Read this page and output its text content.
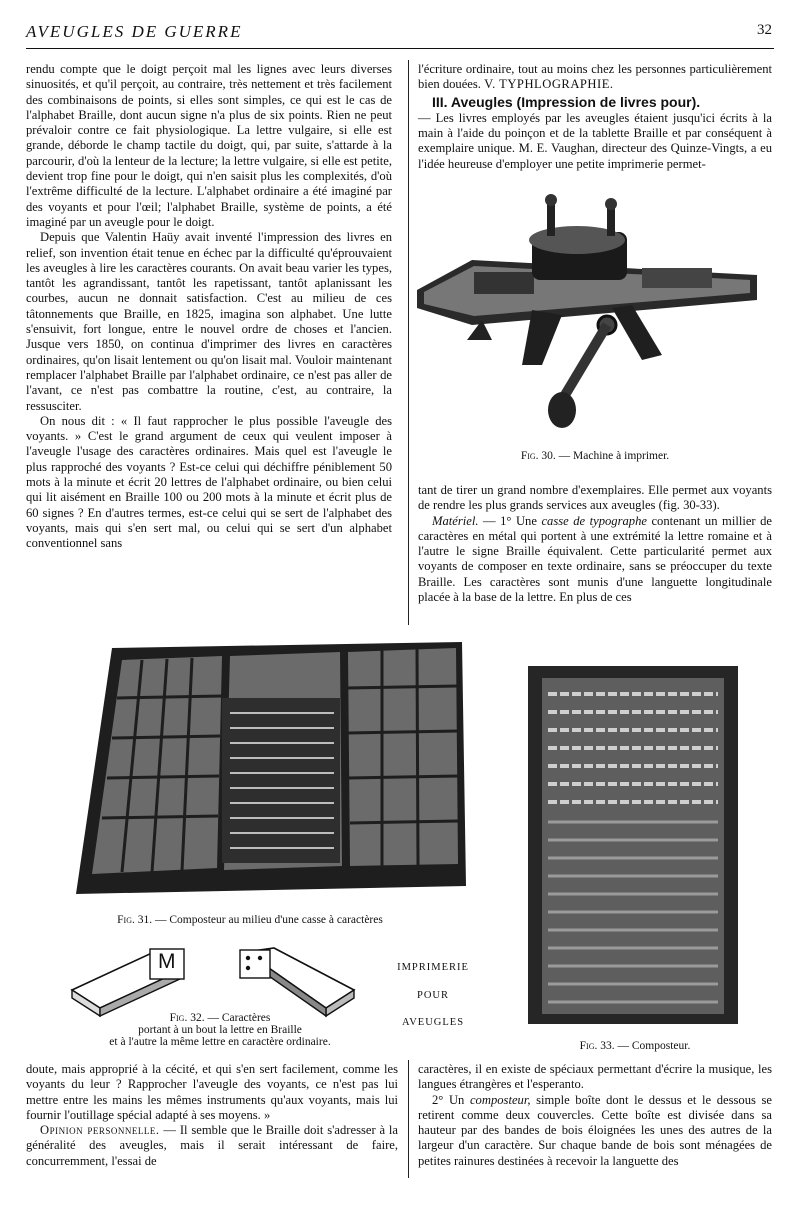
AVEUGLES DE GUERRE	32

rendu compte que le doigt perçoit mal les lignes avec leurs diverses sinuosités, et qu'il perçoit, au contraire, très nettement et très facilement des combinaisons de points, si elles sont simples, ce qui est le cas de l'alphabet Braille, dont aucun signe n'a plus de six points. Rien ne peut prévaloir contre ce fait physiologique. La lettre vulgaire, si elle est grande, déborde le champ tactile du doigt, qui, par suite, s'attarde à la parcourir, d'où la lenteur de la lecture; la lettre vulgaire, si elle est petite, devient trop fine pour le doigt, qui n'en saisit plus les complexités, d'où l'extrême difficulté de la lecture. L'alphabet ordinaire a été imaginé par des voyants et pour l'œil; l'alphabet Braille, système de points, a été imaginé par un aveugle pour le doigt.

Depuis que Valentin Haüy avait inventé l'impression des livres en relief, son invention était tenue en échec par la difficulté qu'éprouvaient les aveugles à lire les caractères courants. On avait beau varier les types, tantôt les agrandissant, tantôt les rapetissant, tantôt aplanissant les courbes, aucun ne donnait satisfaction. C'est au milieu de ces tâtonnements que Braille, en 1825, imagina son alphabet. Une lutte s'ensuivit, fort longue, entre le nouvel ordre de choses et l'ancien. Jusque vers 1850, on continua d'imprimer des livres en caractères ordinaires, qu'on lisait lentement ou qu'on lisait mal. Vouloir maintenant remplacer l'alphabet Braille par l'alphabet ordinaire, ce n'est pas aller de l'avant, ce n'est pas combattre la routine, c'est, au contraire, la ressusciter.

On nous dit : « Il faut rapprocher le plus possible l'aveugle des voyants. » C'est le grand argument de ceux qui veulent imposer à l'aveugle l'usage des caractères ordinaires. Mais quel est l'aveugle le plus rapproché des voyants ? Est-ce celui qui déchiffre péniblement 50 mots à la minute et écrit 20 lettres de l'alphabet ordinaire, ou bien celui qui lit aisément en Braille 100 ou 200 mots à la minute et écrit plus de 60 signes ? En d'autres termes, est-ce celui qui se sert de l'alphabet des voyants, mais qui s'en sert mal, ou celui qui se sert d'un alphabet conventionnel sans

l'écriture ordinaire, tout au moins chez les personnes particulièrement bien douées. V. TYPHLOGRAPHIE.

III. Aveugles (Impression de livres pour).

— Les livres employés par les aveugles étaient jusqu'ici écrits à la main à l'aide du poinçon et de la tablette Braille et par conséquent à exemplaire unique. M. E. Vaughan, directeur des Quinze-Vingts, a eu l'idée heureuse d'employer une petite imprimerie permet-

Fig. 30. — Machine à imprimer.

tant de tirer un grand nombre d'exemplaires. Elle permet aux voyants de rendre les plus grands services aux aveugles (fig. 30-33).

Matériel. — 1° Une casse de typographe contenant un millier de caractères en métal qui portent à une extrémité la lettre romaine et à l'autre le signe Braille équivalent. Cette particularité permet aux voyants de composer en texte ordinaire, sans se préoccuper du texte Braille. Les caractères sont munis d'une languette longitudinale placée à la base de la lettre. En plus de ces

Fig. 31. — Composteur au milieu d'une casse à caractères
M
Fig. 32. — Caractères
portant à un bout la lettre en Braille
et à l'autre la même lettre en caractère ordinaire.
IMPRIMERIE
POUR
AVEUGLES
Fig. 33. — Composteur.

doute, mais approprié à la cécité, et qui s'en sert facilement, comme les voyants du leur ? Rapprocher l'aveugle des voyants, ce n'est pas lui mettre entre les mains les mêmes instruments qu'aux voyants, mais lui fournir l'outillage spécial adapté à ses moyens. »

Opinion personnelle. — Il semble que le Braille doit s'adresser à la généralité des aveugles, mais il serait intéressant de faire, concurremment, l'essai de

caractères, il en existe de spéciaux permettant d'écrire la musique, les langues étrangères et l'esperanto.

2° Un composteur, simple boîte dont le dessus et le dessous se retirent comme deux couvercles. Cette boîte est divisée dans sa hauteur par des bandes de bois éloignées les unes des autres de la largeur d'un caractère. Sur chaque bande de bois sont ménagées de petites rainures destinées à recevoir la languette des
